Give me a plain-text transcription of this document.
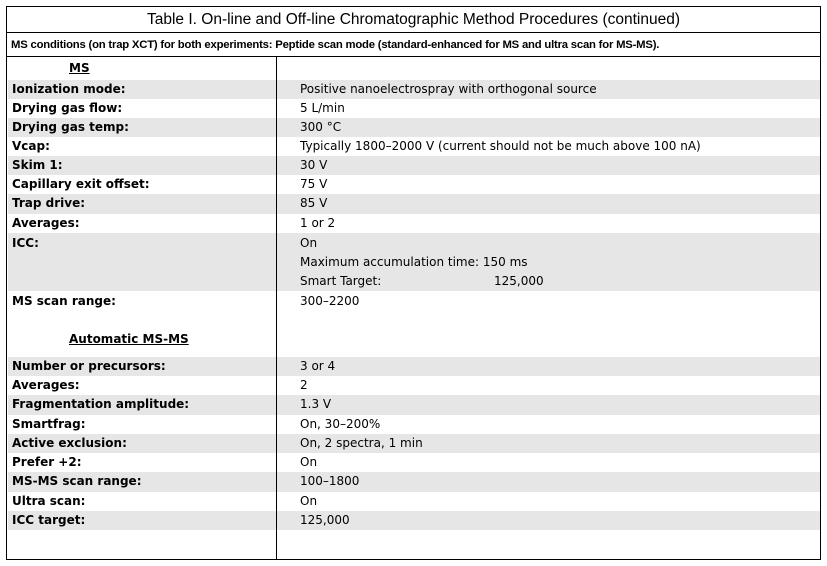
Table I. On-line and Off-line Chromatographic Method Procedures (continued)
MS conditions (on trap XCT) for both experiments: Peptide scan mode (standard-enhanced for MS and ultra scan for MS-MS).
MS
Ionization mode:	Positive nanoelectrospray with orthogonal source
Drying gas flow:	5 L/min
Drying gas temp:	300 °C
Vcap:	Typically 1800–2000 V (current should not be much above 100 nA)
Skim 1:	30 V
Capillary exit offset:	75 V
Trap drive:	85 V
Averages:	1 or 2
ICC:	On
Maximum accumulation time: 150 ms
Smart Target:	125,000
MS scan range:	300–2200
Automatic MS-MS
Number or precursors:	3 or 4
Averages:	2
Fragmentation amplitude:	1.3 V
Smartfrag:	On, 30–200%
Active exclusion:	On, 2 spectra, 1 min
Prefer +2:	On
MS-MS scan range:	100–1800
Ultra scan:	On
ICC target:	125,000
